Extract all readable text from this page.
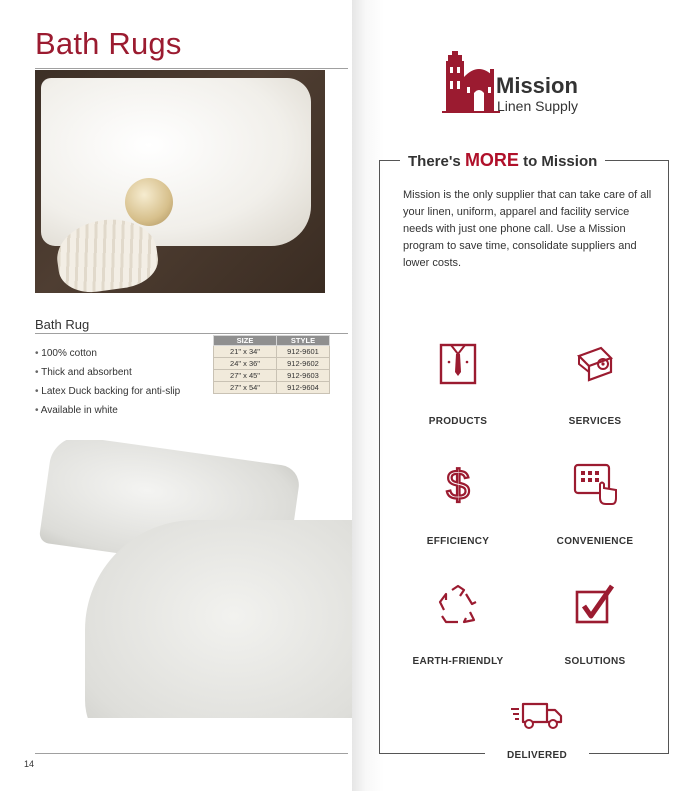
Bath Rugs
Bath Rug
• 100% cotton
• Thick and absorbent
• Latex Duck backing for anti-slip
• Available in white
SIZE	STYLE
21" x 34"	912-9601
24" x 36"	912-9602
27" x 45"	912-9603
27" x 54"	912-9604
14
Mission
Linen Supply
There's MORE to Mission

Mission is the only supplier that can take care of all your linen, uniform, apparel and facility service needs with just one phone call. Use a Mission program to save time, consolidate suppliers and lower costs.

PRODUCTS	SERVICES
$
EFFICIENCY	CONVENIENCE
EARTH-FRIENDLY	SOLUTIONS
DELIVERED
